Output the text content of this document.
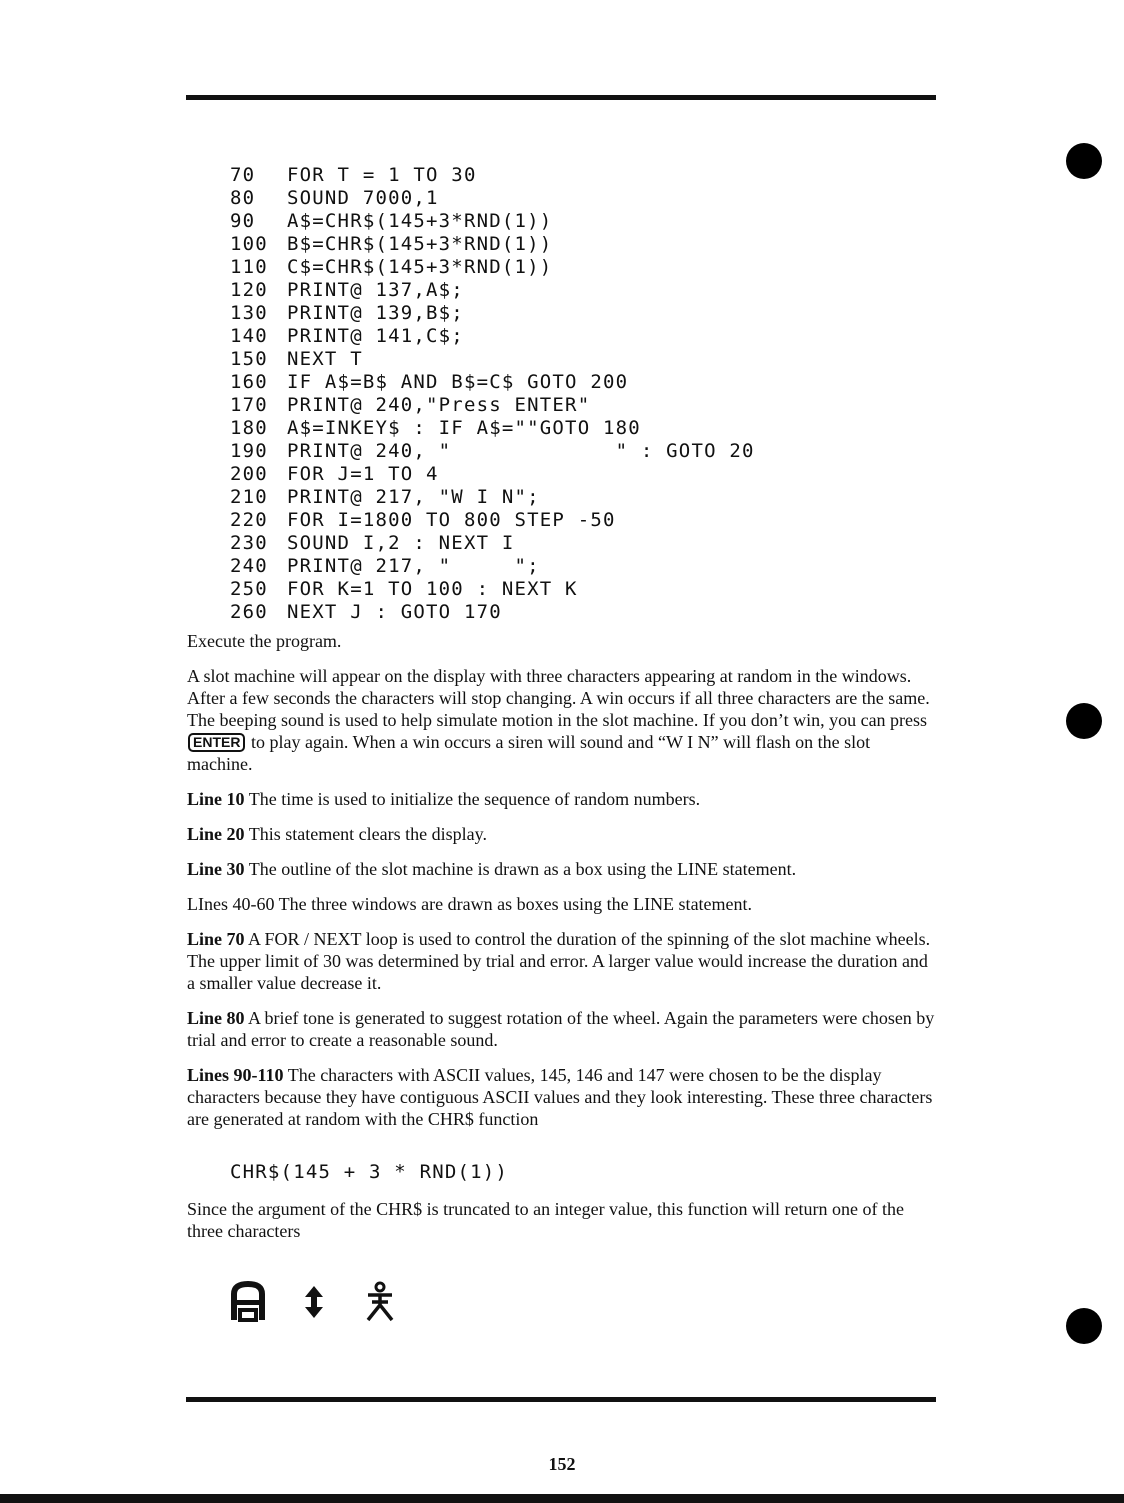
70 FOR T = 1 TO 30
80 SOUND 7000,1
90 A$=CHR$(145+3*RND(1))
100 B$=CHR$(145+3*RND(1))
110 C$=CHR$(145+3*RND(1))
120 PRINT@ 137,A$;
130 PRINT@ 139,B$;
140 PRINT@ 141,C$;
150 NEXT T
160 IF A$=B$ AND B$=C$ GOTO 200
170 PRINT@ 240,"Press ENTER"
180 A$=INKEY$ : IF A$=""GOTO 180
190 PRINT@ 240, "             " : GOTO 20
200 FOR J=1 TO 4
210 PRINT@ 217, "W I N";
220 FOR I=1800 TO 800 STEP -50
230 SOUND I,2 : NEXT I
240 PRINT@ 217, "     ";
250 FOR K=1 TO 100 : NEXT K
260 NEXT J : GOTO 170

Execute the program.

A slot machine will appear on the display with three characters appearing at random in the windows. After a few seconds the characters will stop changing. A win occurs if all three characters are the same. The beeping sound is used to help simulate motion in the slot machine. If you don’t win, you can press ENTER to play again. When a win occurs a siren will sound and “W I N” will flash on the slot machine.

Line 10 The time is used to initialize the sequence of random numbers.

Line 20 This statement clears the display.

Line 30 The outline of the slot machine is drawn as a box using the LINE statement.

LInes 40-60 The three windows are drawn as boxes using the LINE statement.

Line 70 A FOR / NEXT loop is used to control the duration of the spinning of the slot machine wheels. The upper limit of 30 was determined by trial and error. A larger value would increase the duration and a smaller value decrease it.

Line 80 A brief tone is generated to suggest rotation of the wheel. Again the parameters were chosen by trial and error to create a reasonable sound.

Lines 90-110 The characters with ASCII values, 145, 146 and 147 were chosen to be the display characters because they have contiguous ASCII values and they look interesting. These three characters are generated at random with the CHR$ function

CHR$(145 + 3 * RND(1))

Since the argument of the CHR$ is truncated to an integer value, this function will return one of the three characters

152
